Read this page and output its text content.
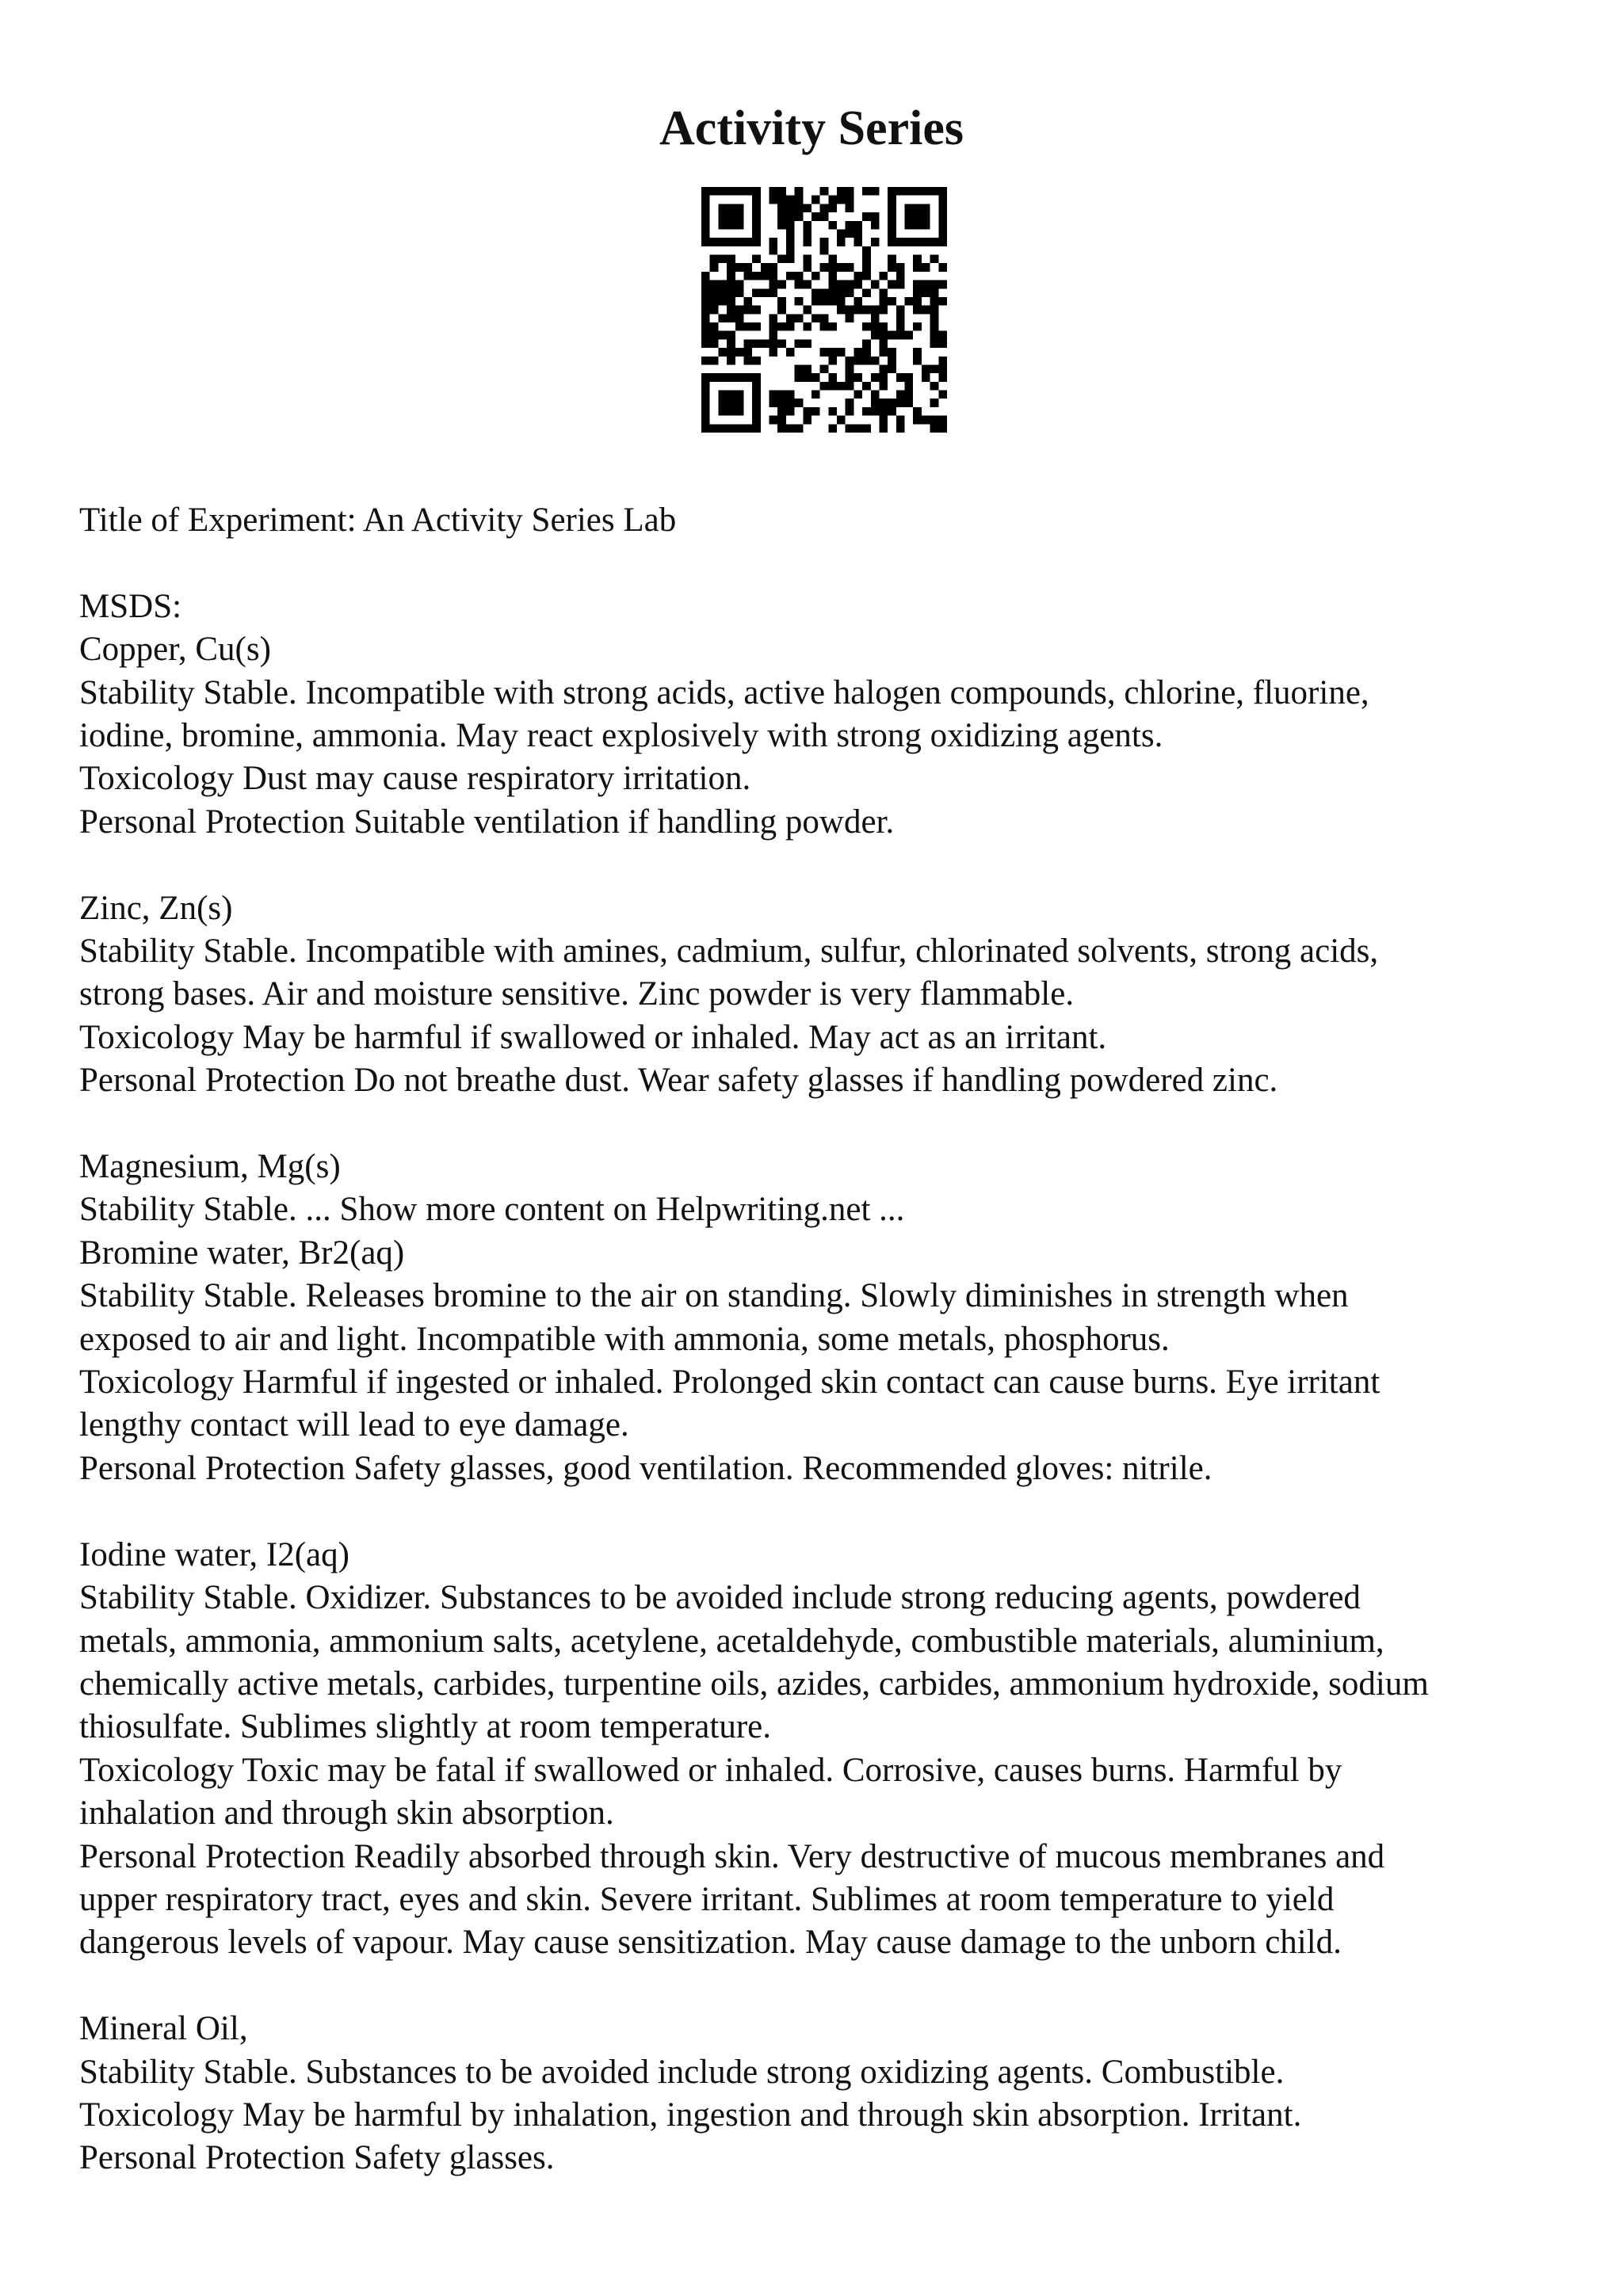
Activity Series

Title of Experiment: An Activity Series Lab

MSDS:

Copper, Cu(s)

Stability Stable. Incompatible with strong acids, active halogen compounds, chlorine, fluorine,

iodine, bromine, ammonia. May react explosively with strong oxidizing agents.

Toxicology Dust may cause respiratory irritation.

Personal Protection Suitable ventilation if handling powder.

Zinc, Zn(s)

Stability Stable. Incompatible with amines, cadmium, sulfur, chlorinated solvents, strong acids,

strong bases. Air and moisture sensitive. Zinc powder is very flammable.

Toxicology May be harmful if swallowed or inhaled. May act as an irritant.

Personal Protection Do not breathe dust. Wear safety glasses if handling powdered zinc.

Magnesium, Mg(s)

Stability Stable. ... Show more content on Helpwriting.net ...

Bromine water, Br2(aq)

Stability Stable. Releases bromine to the air on standing. Slowly diminishes in strength when

exposed to air and light. Incompatible with ammonia, some metals, phosphorus.

Toxicology Harmful if ingested or inhaled. Prolonged skin contact can cause burns. Eye irritant

lengthy contact will lead to eye damage.

Personal Protection Safety glasses, good ventilation. Recommended gloves: nitrile.

Iodine water, I2(aq)

Stability Stable. Oxidizer. Substances to be avoided include strong reducing agents, powdered

metals, ammonia, ammonium salts, acetylene, acetaldehyde, combustible materials, aluminium,

chemically active metals, carbides, turpentine oils, azides, carbides, ammonium hydroxide, sodium

thiosulfate. Sublimes slightly at room temperature.

Toxicology Toxic may be fatal if swallowed or inhaled. Corrosive, causes burns. Harmful by

inhalation and through skin absorption.

Personal Protection Readily absorbed through skin. Very destructive of mucous membranes and

upper respiratory tract, eyes and skin. Severe irritant. Sublimes at room temperature to yield

dangerous levels of vapour. May cause sensitization. May cause damage to the unborn child.

Mineral Oil,

Stability Stable. Substances to be avoided include strong oxidizing agents. Combustible.

Toxicology May be harmful by inhalation, ingestion and through skin absorption. Irritant.

Personal Protection Safety glasses.
